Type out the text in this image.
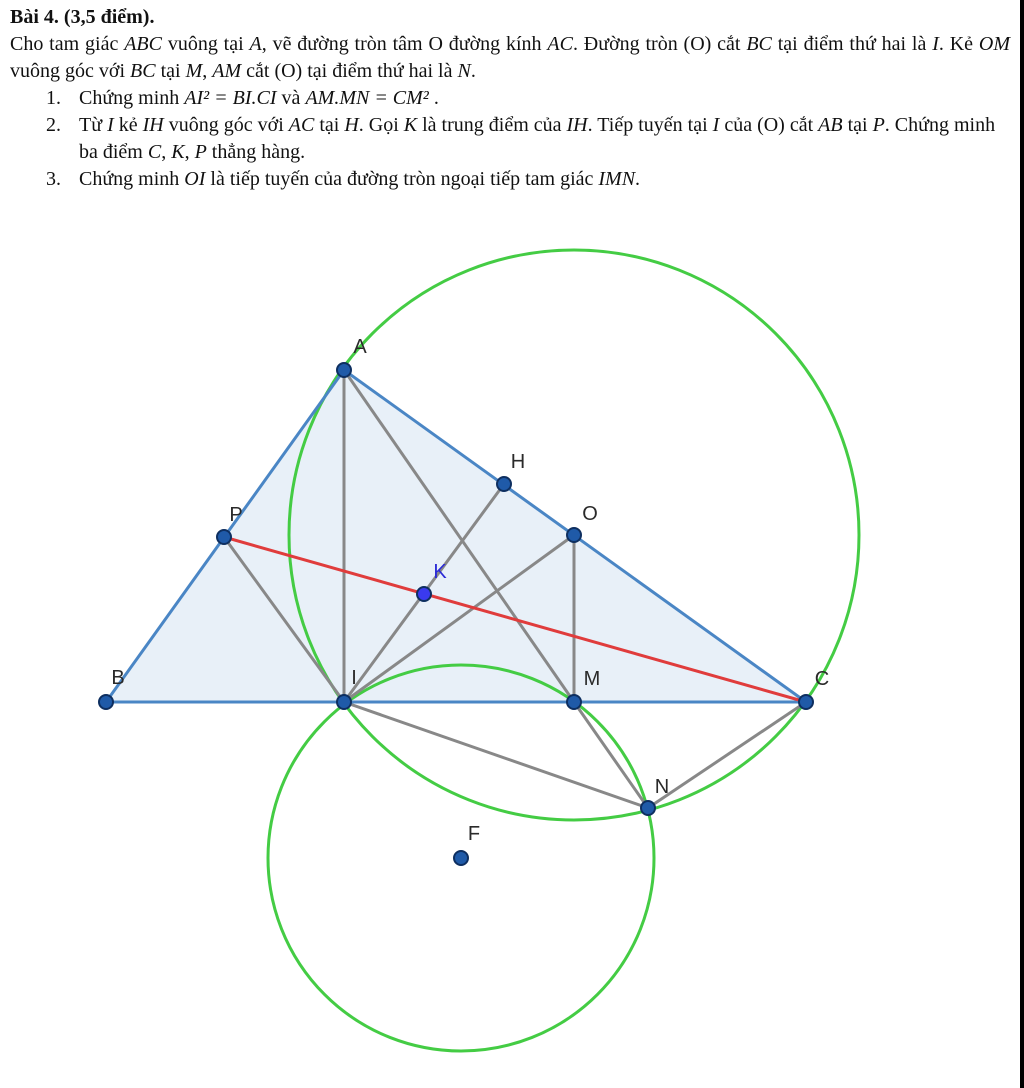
Bài 4. (3,5 điểm).

Cho tam giác ABC vuông tại A, vẽ đường tròn tâm O đường kính AC. Đường tròn (O) cắt BC tại điểm thứ hai là I. Kẻ OM vuông góc với BC tại M, AM cắt (O) tại điểm thứ hai là N.

1. Chứng minh AI² = BI.CI và AM.MN = CM² .
2. Từ I kẻ IH vuông góc với AC tại H. Gọi K là trung điểm của IH. Tiếp tuyến tại I của (O) cắt AB tại P. Chứng minh ba điểm C, K, P thẳng hàng.
3. Chứng minh OI là tiếp tuyến của đường tròn ngoại tiếp tam giác IMN.
A
B	C
O
H
P
K
I	M
N
F
